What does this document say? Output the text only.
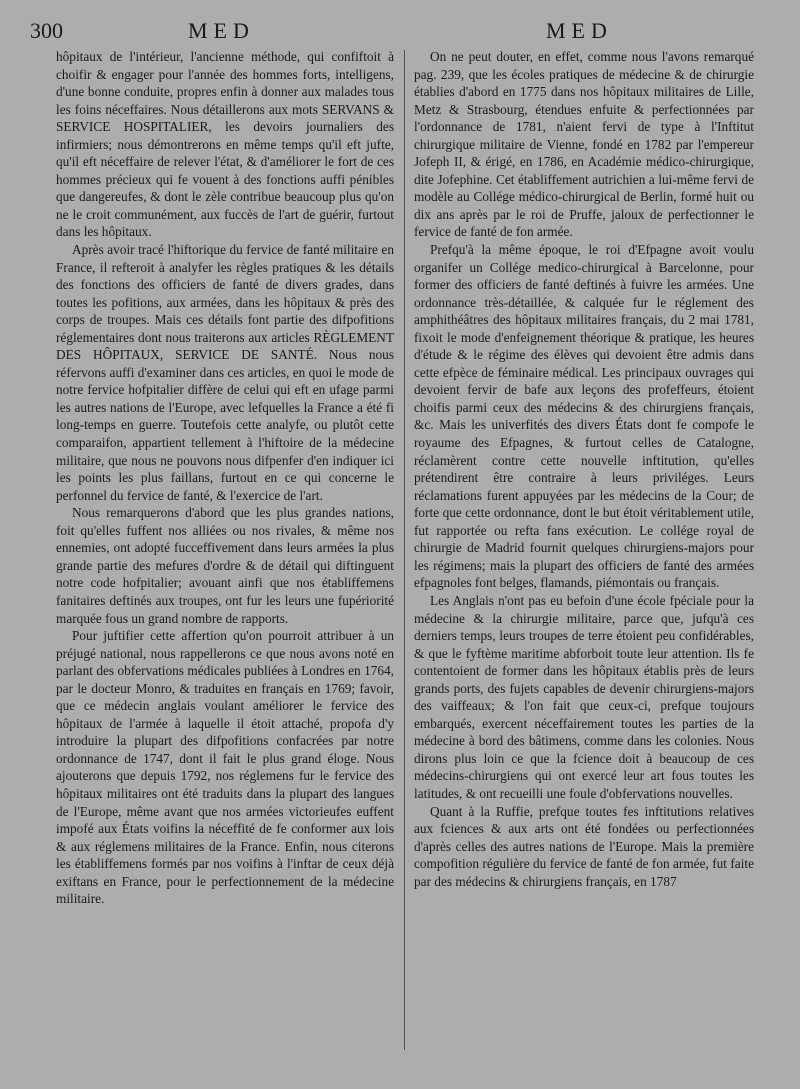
300	MED	MED

hôpitaux de l'intérieur, l'ancienne méthode, qui confiftoit à choifir & engager pour l'année des hommes forts, intelligens, d'une bonne conduite, propres enfin à donner aux malades tous les foins néceffaires. Nous détaillerons aux mots SERVANS & SERVICE HOSPITALIER, les devoirs journaliers des infirmiers; nous démontrerons en même temps qu'il eft jufte, qu'il eft néceffaire de relever l'état, & d'améliorer le fort de ces hommes précieux qui fe vouent à des fonctions auffi pénibles que dangereufes, & dont le zèle contribue beaucoup plus qu'on ne le croit communément, aux fuccès de l'art de guérir, furtout dans les hôpitaux.

Après avoir tracé l'hiftorique du fervice de fanté militaire en France, il refteroit à analyfer les règles pratiques & les détails des fonctions des officiers de fanté de divers grades, dans toutes les pofitions, aux armées, dans les hôpitaux & près des corps de troupes. Mais ces détails font partie des difpofitions réglementaires dont nous traiterons aux articles RÈGLEMENT DES HÔPITAUX, SERVICE DE SANTÉ. Nous nous réfervons auffi d'examiner dans ces articles, en quoi le mode de notre fervice hofpitalier diffère de celui qui eft en ufage parmi les autres nations de l'Europe, avec lefquelles la France a été fi long-temps en guerre. Toutefois cette analyfe, ou plutôt cette comparaifon, appartient tellement à l'hiftoire de la médecine militaire, que nous ne pouvons nous difpenfer d'en indiquer ici les points les plus faillans, furtout en ce qui concerne le perfonnel du fervice de fanté, & l'exercice de l'art.

Nous remarquerons d'abord que les plus grandes nations, foit qu'elles fuffent nos alliées ou nos rivales, & même nos ennemies, ont adopté fucceffivement dans leurs armées la plus grande partie des mefures d'ordre & de détail qui diftinguent notre code hofpitalier; avouant ainfi que nos établiffemens fanitaires deftinés aux troupes, ont fur les leurs une fupériorité marquée fous un grand nombre de rapports.

Pour juftifier cette affertion qu'on pourroit attribuer à un préjugé national, nous rappellerons ce que nous avons noté en parlant des obfervations médicales publiées à Londres en 1764, par le docteur Monro, & traduites en français en 1769; favoir, que ce médecin anglais voulant améliorer le fervice des hôpitaux de l'armée à laquelle il étoit attaché, propofa d'y introduire la plupart des difpofitions confacrées par notre ordonnance de 1747, dont il fait le plus grand éloge. Nous ajouterons que depuis 1792, nos réglemens fur le fervice des hôpitaux militaires ont été traduits dans la plupart des langues de l'Europe, même avant que nos armées victorieufes euffent impofé aux États voifins la néceffité de fe conformer aux lois & aux réglemens militaires de la France. Enfin, nous citerons les établiffemens formés par nos voifins à l'inftar de ceux déjà exiftans en France, pour le perfectionnement de la médecine militaire.

On ne peut douter, en effet, comme nous l'avons remarqué pag. 239, que les écoles pratiques de médecine & de chirurgie établies d'abord en 1775 dans nos hôpitaux militaires de Lille, Metz & Strasbourg, étendues enfuite & perfectionnées par l'ordonnance de 1781, n'aient fervi de type à l'Inftitut chirurgique militaire de Vienne, fondé en 1782 par l'empereur Jofeph II, & érigé, en 1786, en Académie médico-chirurgique, dite Jofephine. Cet établiffement autrichien a lui-même fervi de modèle au Collége médico-chirurgical de Berlin, formé huit ou dix ans après par le roi de Pruffe, jaloux de perfectionner le fervice de fanté de fon armée.

Prefqu'à la même époque, le roi d'Efpagne avoit voulu organifer un Collége medico-chirurgical à Barcelonne, pour former des officiers de fanté deftinés à fuivre les armées. Une ordonnance très-détaillée, & calquée fur le réglement des amphithéâtres des hôpitaux militaires français, du 2 mai 1781, fixoit le mode d'enfeignement théorique & pratique, les heures d'étude & le régime des élèves qui devoient être admis dans cette efpèce de féminaire médical. Les principaux ouvrages qui devoient fervir de bafe aux leçons des profeffeurs, étoient choifis parmi ceux des médecins & des chirurgiens français, &c. Mais les univerfités des divers États dont fe compofe le royaume des Efpagnes, & furtout celles de Catalogne, réclamèrent contre cette nouvelle inftitution, qu'elles prétendirent être contraire à leurs priviléges. Leurs réclamations furent appuyées par les médecins de la Cour; de forte que cette ordonnance, dont le but étoit véritablement utile, fut rapportée ou refta fans exécution. Le collége royal de chirurgie de Madrid fournit quelques chirurgiens-majors pour les régimens; mais la plupart des officiers de fanté des armées efpagnoles font belges, flamands, piémontais ou français.

Les Anglais n'ont pas eu befoin d'une école fpéciale pour la médecine & la chirurgie militaire, parce que, jufqu'à ces derniers temps, leurs troupes de terre étoient peu confidérables, & que le fyftème maritime abforboit toute leur attention. Ils fe contentoient de former dans les hôpitaux établis près de leurs grands ports, des fujets capables de devenir chirurgiens-majors des vaiffeaux; & l'on fait que ceux-ci, prefque toujours embarqués, exercent néceffairement toutes les parties de la médecine à bord des bâtimens, comme dans les colonies. Nous dirons plus loin ce que la fcience doit à beaucoup de ces médecins-chirurgiens qui ont exercé leur art fous toutes les latitudes, & ont recueilli une foule d'obfervations nouvelles.

Quant à la Ruffie, prefque toutes fes inftitutions relatives aux fciences & aux arts ont été fondées ou perfectionnées d'après celles des autres nations de l'Europe. Mais la première compofition régulière du fervice de fanté de fon armée, fut faite par des médecins & chirurgiens français, en 1787
